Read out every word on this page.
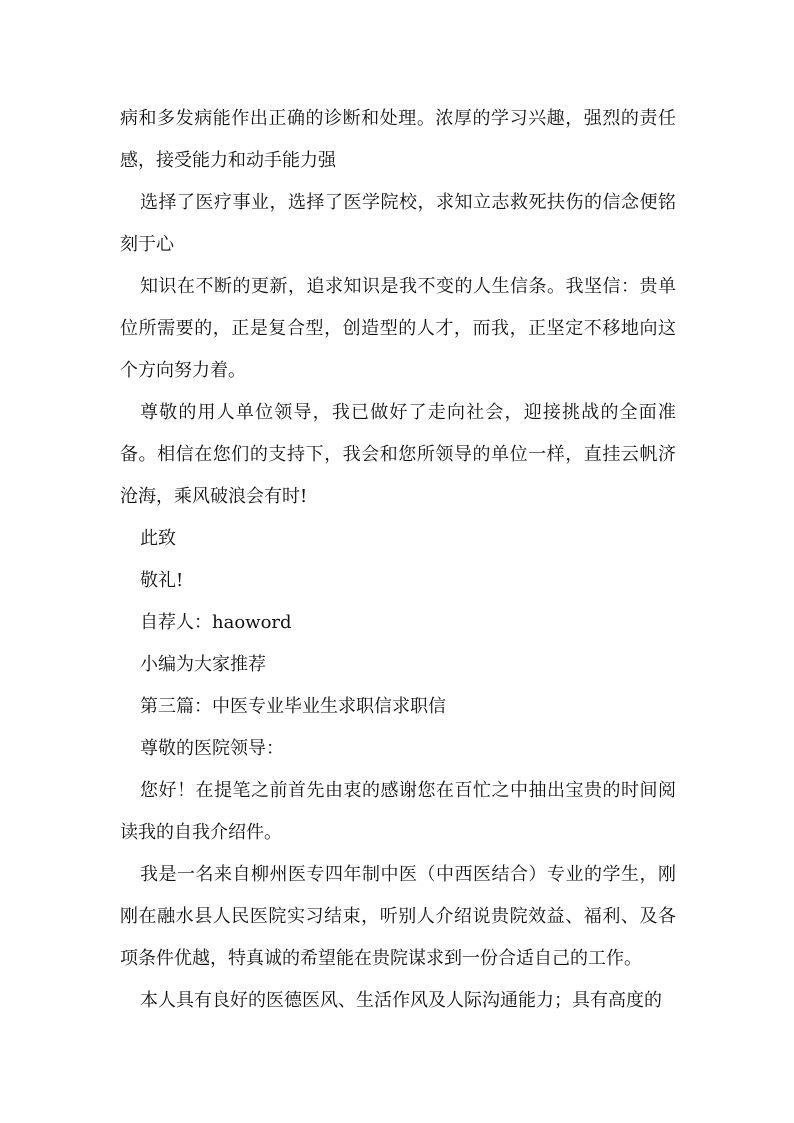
病和多发病能作出正确的诊断和处理。浓厚的学习兴趣，强烈的责任感，接受能力和动手能力强

选择了医疗事业，选择了医学院校，求知立志救死扶伤的信念便铭刻于心

知识在不断的更新，追求知识是我不变的人生信条。我坚信：贵单位所需要的，正是复合型，创造型的人才，而我，正坚定不移地向这个方向努力着。

尊敬的用人单位领导，我已做好了走向社会，迎接挑战的全面准备。相信在您们的支持下，我会和您所领导的单位一样，直挂云帆济沧海，乘风破浪会有时!

此致

敬礼!

自荐人：haoword

小编为大家推荐

第三篇：中医专业毕业生求职信求职信

尊敬的医院领导：

您好！在提笔之前首先由衷的感谢您在百忙之中抽出宝贵的时间阅读我的自我介绍件。

我是一名来自柳州医专四年制中医（中西医结合）专业的学生，刚刚在融水县人民医院实习结束，听别人介绍说贵院效益、福利、及各项条件优越，特真诚的希望能在贵院谋求到一份合适自己的工作。

本人具有良好的医德医风、生活作风及人际沟通能力；具有高度的
